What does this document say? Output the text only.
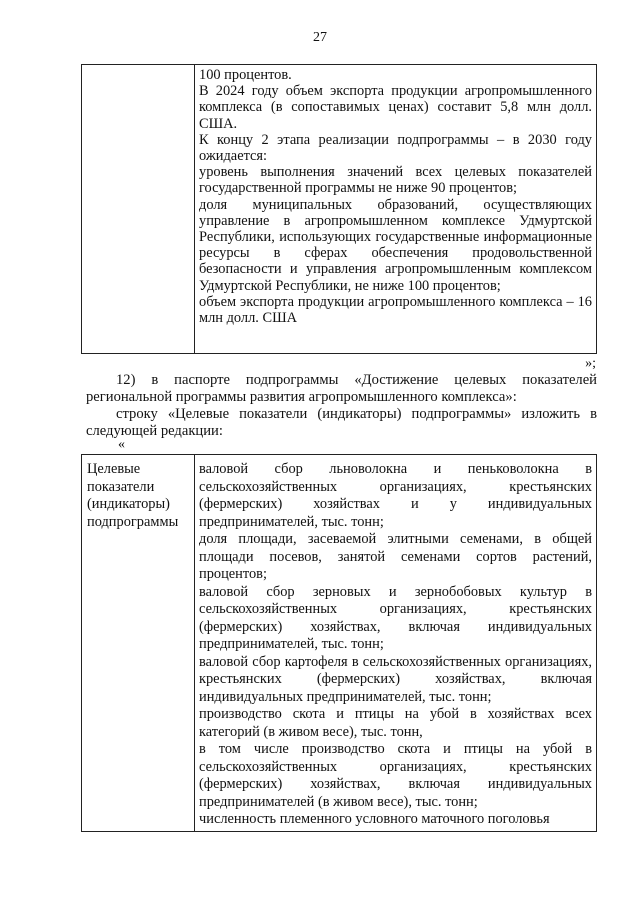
27
100 процентов.
В 2024 году объем экспорта продукции агропромышленного комплекса (в сопоставимых ценах) составит 5,8 млн долл. США.
К концу 2 этапа реализации подпрограммы – в 2030 году ожидается:
уровень выполнения значений всех целевых показателей государственной программы не ниже 90 процентов;
доля муниципальных образований, осуществляющих управление в агропромышленном комплексе Удмуртской Республики, использующих государственные информационные ресурсы в сферах обеспечения продовольственной безопасности и управления агропромышленным комплексом Удмуртской Республики, не ниже 100 процентов;
объем экспорта продукции агропромышленного комплекса – 16 млн долл. США
»;
12) в паспорте подпрограммы «Достижение целевых показателей региональной программы развития агропромышленного комплекса»:
строку «Целевые показатели (индикаторы) подпрограммы» изложить в следующей редакции:
«
Целевые показатели (индикаторы) подпрограммы
валовой сбор льноволокна и пеньковолокна в сельскохозяйственных организациях, крестьянских (фермерских) хозяйствах и у индивидуальных предпринимателей, тыс. тонн;
доля площади, засеваемой элитными семенами, в общей площади посевов, занятой семенами сортов растений, процентов;
валовой сбор зерновых и зернобобовых культур в сельскохозяйственных организациях, крестьянских (фермерских) хозяйствах, включая индивидуальных предпринимателей, тыс. тонн;
валовой сбор картофеля в сельскохозяйственных организациях, крестьянских (фермерских) хозяйствах, включая индивидуальных предпринимателей, тыс. тонн;
производство скота и птицы на убой в хозяйствах всех категорий (в живом весе), тыс. тонн,
в том числе производство скота и птицы на убой в сельскохозяйственных организациях, крестьянских (фермерских) хозяйствах, включая индивидуальных предпринимателей (в живом весе), тыс. тонн;
численность племенного условного маточного поголовья
